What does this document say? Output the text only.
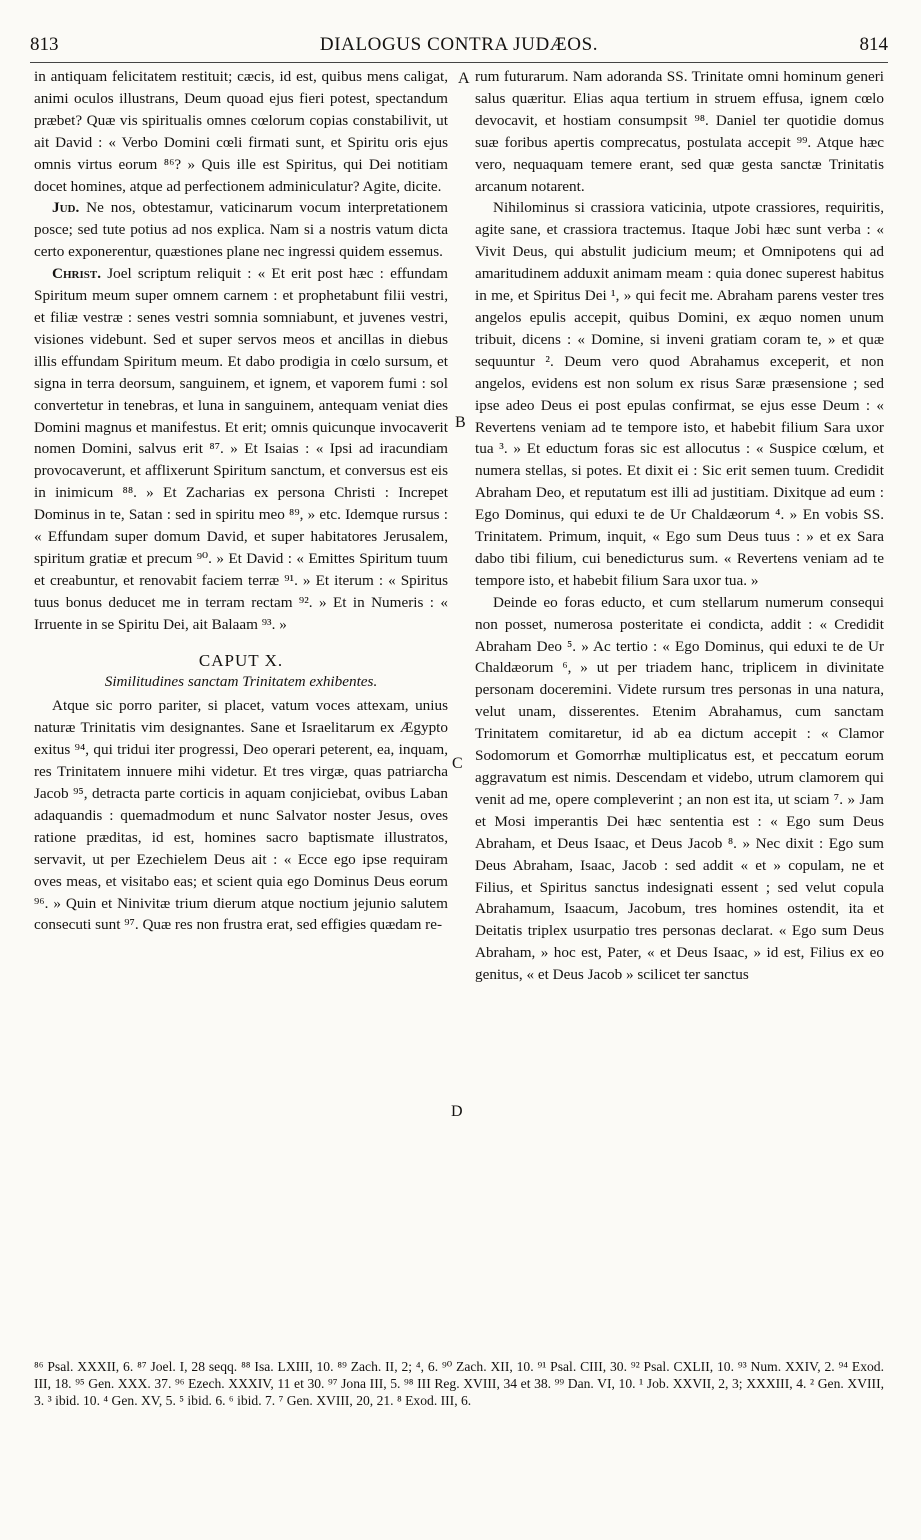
813	DIALOGUS CONTRA JUDÆOS.	814
A
B
C
D

in antiquam felicitatem restituit; cæcis, id est, quibus mens caligat, animi oculos illustrans, Deum quoad ejus fieri potest, spectandum præbet? Quæ vis spiritualis omnes cœlorum copias constabilivit, ut ait David : « Verbo Domini cœli firmati sunt, et Spiritu oris ejus omnis virtus eorum ⁸⁶? » Quis ille est Spiritus, qui Dei notitiam docet homines, atque ad perfectionem adminiculatur? Agite, dicite.

Jud. Ne nos, obtestamur, vaticinarum vocum interpretationem posce; sed tute potius ad nos explica. Nam si a nostris vatum dicta certo exponerentur, quæstiones plane nec ingressi quidem essemus.

Christ. Joel scriptum reliquit : « Et erit post hæc : effundam Spiritum meum super omnem carnem : et prophetabunt filii vestri, et filiæ vestræ : senes vestri somnia somniabunt, et juvenes vestri, visiones videbunt. Sed et super servos meos et ancillas in diebus illis effundam Spiritum meum. Et dabo prodigia in cœlo sursum, et signa in terra deorsum, sanguinem, et ignem, et vaporem fumi : sol convertetur in tenebras, et luna in sanguinem, antequam veniat dies Domini magnus et manifestus. Et erit; omnis quicunque invocaverit nomen Domini, salvus erit ⁸⁷. » Et Isaias : « Ipsi ad iracundiam provocaverunt, et afflixerunt Spiritum sanctum, et conversus est eis in inimicum ⁸⁸. » Et Zacharias ex persona Christi : Increpet Dominus in te, Satan : sed in spiritu meo ⁸⁹, » etc. Idemque rursus : « Effundam super domum David, et super habitatores Jerusalem, spiritum gratiæ et precum ⁹⁰. » Et David : « Emittes Spiritum tuum et creabuntur, et renovabit faciem terræ ⁹¹. » Et iterum : « Spiritus tuus bonus deducet me in terram rectam ⁹². » Et in Numeris : « Irruente in se Spiritu Dei, ait Balaam ⁹³. »

CAPUT X.
Similitudines sanctam Trinitatem exhibentes.

Atque sic porro pariter, si placet, vatum voces attexam, unius naturæ Trinitatis vim designantes. Sane et Israelitarum ex Ægypto exitus ⁹⁴, qui tridui iter progressi, Deo operari peterent, ea, inquam, res Trinitatem innuere mihi videtur. Et tres virgæ, quas patriarcha Jacob ⁹⁵, detracta parte corticis in aquam conjiciebat, ovibus Laban adaquandis : quemadmodum et nunc Salvator noster Jesus, oves ratione præditas, id est, homines sacro baptismate illustratos, servavit, ut per Ezechielem Deus ait : « Ecce ego ipse requiram oves meas, et visitabo eas; et scient quia ego Dominus Deus eorum ⁹⁶. » Quin et Ninivitæ trium dierum atque noctium jejunio salutem consecuti sunt ⁹⁷. Quæ res non frustra erat, sed effigies quædam re-

rum futurarum. Nam adoranda SS. Trinitate omni hominum generi salus quæritur. Elias aqua tertium in struem effusa, ignem cœlo devocavit, et hostiam consumpsit ⁹⁸. Daniel ter quotidie domus suæ foribus apertis comprecatus, postulata accepit ⁹⁹. Atque hæc vero, nequaquam temere erant, sed quæ gesta sanctæ Trinitatis arcanum notarent.

Nihilominus si crassiora vaticinia, utpote crassiores, requiritis, agite sane, et crassiora tractemus. Itaque Jobi hæc sunt verba : « Vivit Deus, qui abstulit judicium meum; et Omnipotens qui ad amaritudinem adduxit animam meam : quia donec superest habitus in me, et Spiritus Dei ¹, » qui fecit me. Abraham parens vester tres angelos epulis accepit, quibus Domini, ex æquo nomen unum tribuit, dicens : « Domine, si inveni gratiam coram te, » et quæ sequuntur ². Deum vero quod Abrahamus exceperit, et non angelos, evidens est non solum ex risus Saræ præsensione ; sed ipse adeo Deus ei post epulas confirmat, se ejus esse Deum : « Revertens veniam ad te tempore isto, et habebit filium Sara uxor tua ³. » Et eductum foras sic est allocutus : « Suspice cœlum, et numera stellas, si potes. Et dixit ei : Sic erit semen tuum. Credidit Abraham Deo, et reputatum est illi ad justitiam. Dixitque ad eum : Ego Dominus, qui eduxi te de Ur Chaldæorum ⁴. » En vobis SS. Trinitatem. Primum, inquit, « Ego sum Deus tuus : » et ex Sara dabo tibi filium, cui benedicturus sum. « Revertens veniam ad te tempore isto, et habebit filium Sara uxor tua. »

Deinde eo foras educto, et cum stellarum numerum consequi non posset, numerosa posteritate ei condicta, addit : « Credidit Abraham Deo ⁵. » Ac tertio : « Ego Dominus, qui eduxi te de Ur Chaldæorum ⁶, » ut per triadem hanc, triplicem in divinitate personam doceremini. Videte rursum tres personas in una natura, velut unam, disserentes. Etenim Abrahamus, cum sanctam Trinitatem comitaretur, id ab ea dictum accepit : « Clamor Sodomorum et Gomorrhæ multiplicatus est, et peccatum eorum aggravatum est nimis. Descendam et videbo, utrum clamorem qui venit ad me, opere compleverint ; an non est ita, ut sciam ⁷. » Jam et Mosi imperantis Dei hæc sententia est : « Ego sum Deus Abraham, et Deus Isaac, et Deus Jacob ⁸. » Nec dixit : Ego sum Deus Abraham, Isaac, Jacob : sed addit « et » copulam, ne et Filius, et Spiritus sanctus indesignati essent ; sed velut copula Abrahamum, Isaacum, Jacobum, tres homines ostendit, ita et Deitatis triplex usurpatio tres personas declarat. « Ego sum Deus Abraham, » hoc est, Pater, « et Deus Isaac, » id est, Filius ex eo genitus, « et Deus Jacob » scilicet ter sanctus

⁸⁶ Psal. XXXII, 6. ⁸⁷ Joel. I, 28 seqq. ⁸⁸ Isa. LXIII, 10. ⁸⁹ Zach. II, 2; ⁴, 6. ⁹⁰ Zach. XII, 10. ⁹¹ Psal. CIII, 30. ⁹² Psal. CXLII, 10. ⁹³ Num. XXIV, 2. ⁹⁴ Exod. III, 18. ⁹⁵ Gen. XXX. 37. ⁹⁶ Ezech. XXXIV, 11 et 30. ⁹⁷ Jona III, 5. ⁹⁸ III Reg. XVIII, 34 et 38. ⁹⁹ Dan. VI, 10. ¹ Job. XXVII, 2, 3; XXXIII, 4. ² Gen. XVIII, 3. ³ ibid. 10. ⁴ Gen. XV, 5. ⁵ ibid. 6. ⁶ ibid. 7. ⁷ Gen. XVIII, 20, 21. ⁸ Exod. III, 6.
